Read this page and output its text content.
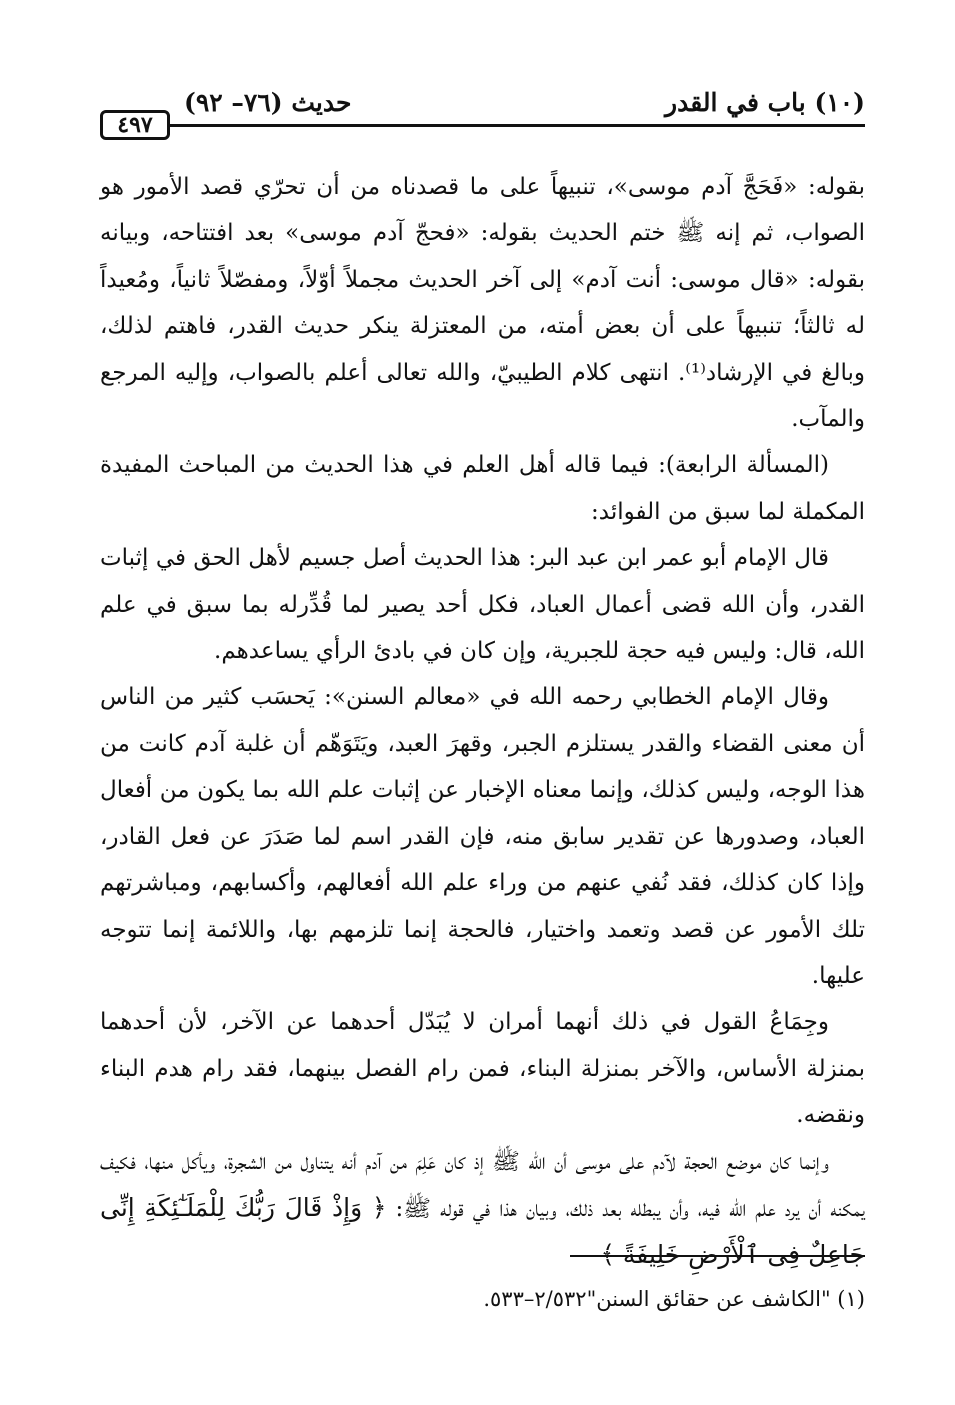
(١٠) باب في القدر
حديث (٧٦– ٩٢)
٤٩٧

بقوله: «فَحَجَّ آدم موسى»، تنبيهاً على ما قصدناه من أن تحرّي قصد الأمور هو الصواب، ثم إنه ﷺ ختم الحديث بقوله: «فحجّ آدم موسى» بعد افتتاحه، وبيانه بقوله: «قال موسى: أنت آدم» إلى آخر الحديث مجملاً أوّلاً، ومفصّلاً ثانياً، ومُعيداً له ثالثاً؛ تنبيهاً على أن بعض أمته، من المعتزلة ينكر حديث القدر، فاهتم لذلك، وبالغ في الإرشاد⁽¹⁾. انتهى كلام الطيبيّ، والله تعالى أعلم بالصواب، وإليه المرجع والمآب.

(المسألة الرابعة): فيما قاله أهل العلم في هذا الحديث من المباحث المفيدة المكملة لما سبق من الفوائد:

قال الإمام أبو عمر ابن عبد البر: هذا الحديث أصل جسيم لأهل الحق في إثبات القدر، وأن الله قضى أعمال العباد، فكل أحد يصير لما قُدِّرله بما سبق في علم الله، قال: وليس فيه حجة للجبرية، وإن كان في بادئ الرأي يساعدهم.

وقال الإمام الخطابي رحمه الله في «معالم السنن»: يَحسَب كثير من الناس أن معنى القضاء والقدر يستلزم الجبر، وقهرَ العبد، ويَتَوَهّم أن غلبة آدم كانت من هذا الوجه، وليس كذلك، وإنما معناه الإخبار عن إثبات علم الله بما يكون من أفعال العباد، وصدورها عن تقدير سابق منه، فإن القدر اسم لما صَدَرَ عن فعل القادر، وإذا كان كذلك، فقد نُفي عنهم من وراء علم الله أفعالهم، وأكسابهم، ومباشرتهم تلك الأمور عن قصد وتعمد واختيار، فالحجة إنما تلزمهم بها، واللائمة إنما تتوجه عليها.

وجِمَاعُ القول في ذلك أنهما أمران لا يُبَدّل أحدهما عن الآخر، لأن أحدهما بمنزلة الأساس، والآخر بمنزلة البناء، فمن رام الفصل بينهما، فقد رام هدم البناء ونقضه.

وإنما كان موضع الحجة لآدم على موسى أن الله ﷺ إذ كان عَلِمَ من آدم أنه يتناول من الشجرة، ويأكل منها، فكيف يمكنه أن يرد علم الله فيه، وأن يبطله بعد ذلك، وبيان هذا في قوله ﷺ: ﴿ وَإِذْ قَالَ رَبُّكَ لِلْمَلَـٰٓئِكَةِ إِنِّى جَاعِلٌ فِى ٱلْأَرْضِ خَلِيفَةً ﴾

(١) "الكاشف عن حقائق السنن"٢/٥٣٢–٥٣٣.
